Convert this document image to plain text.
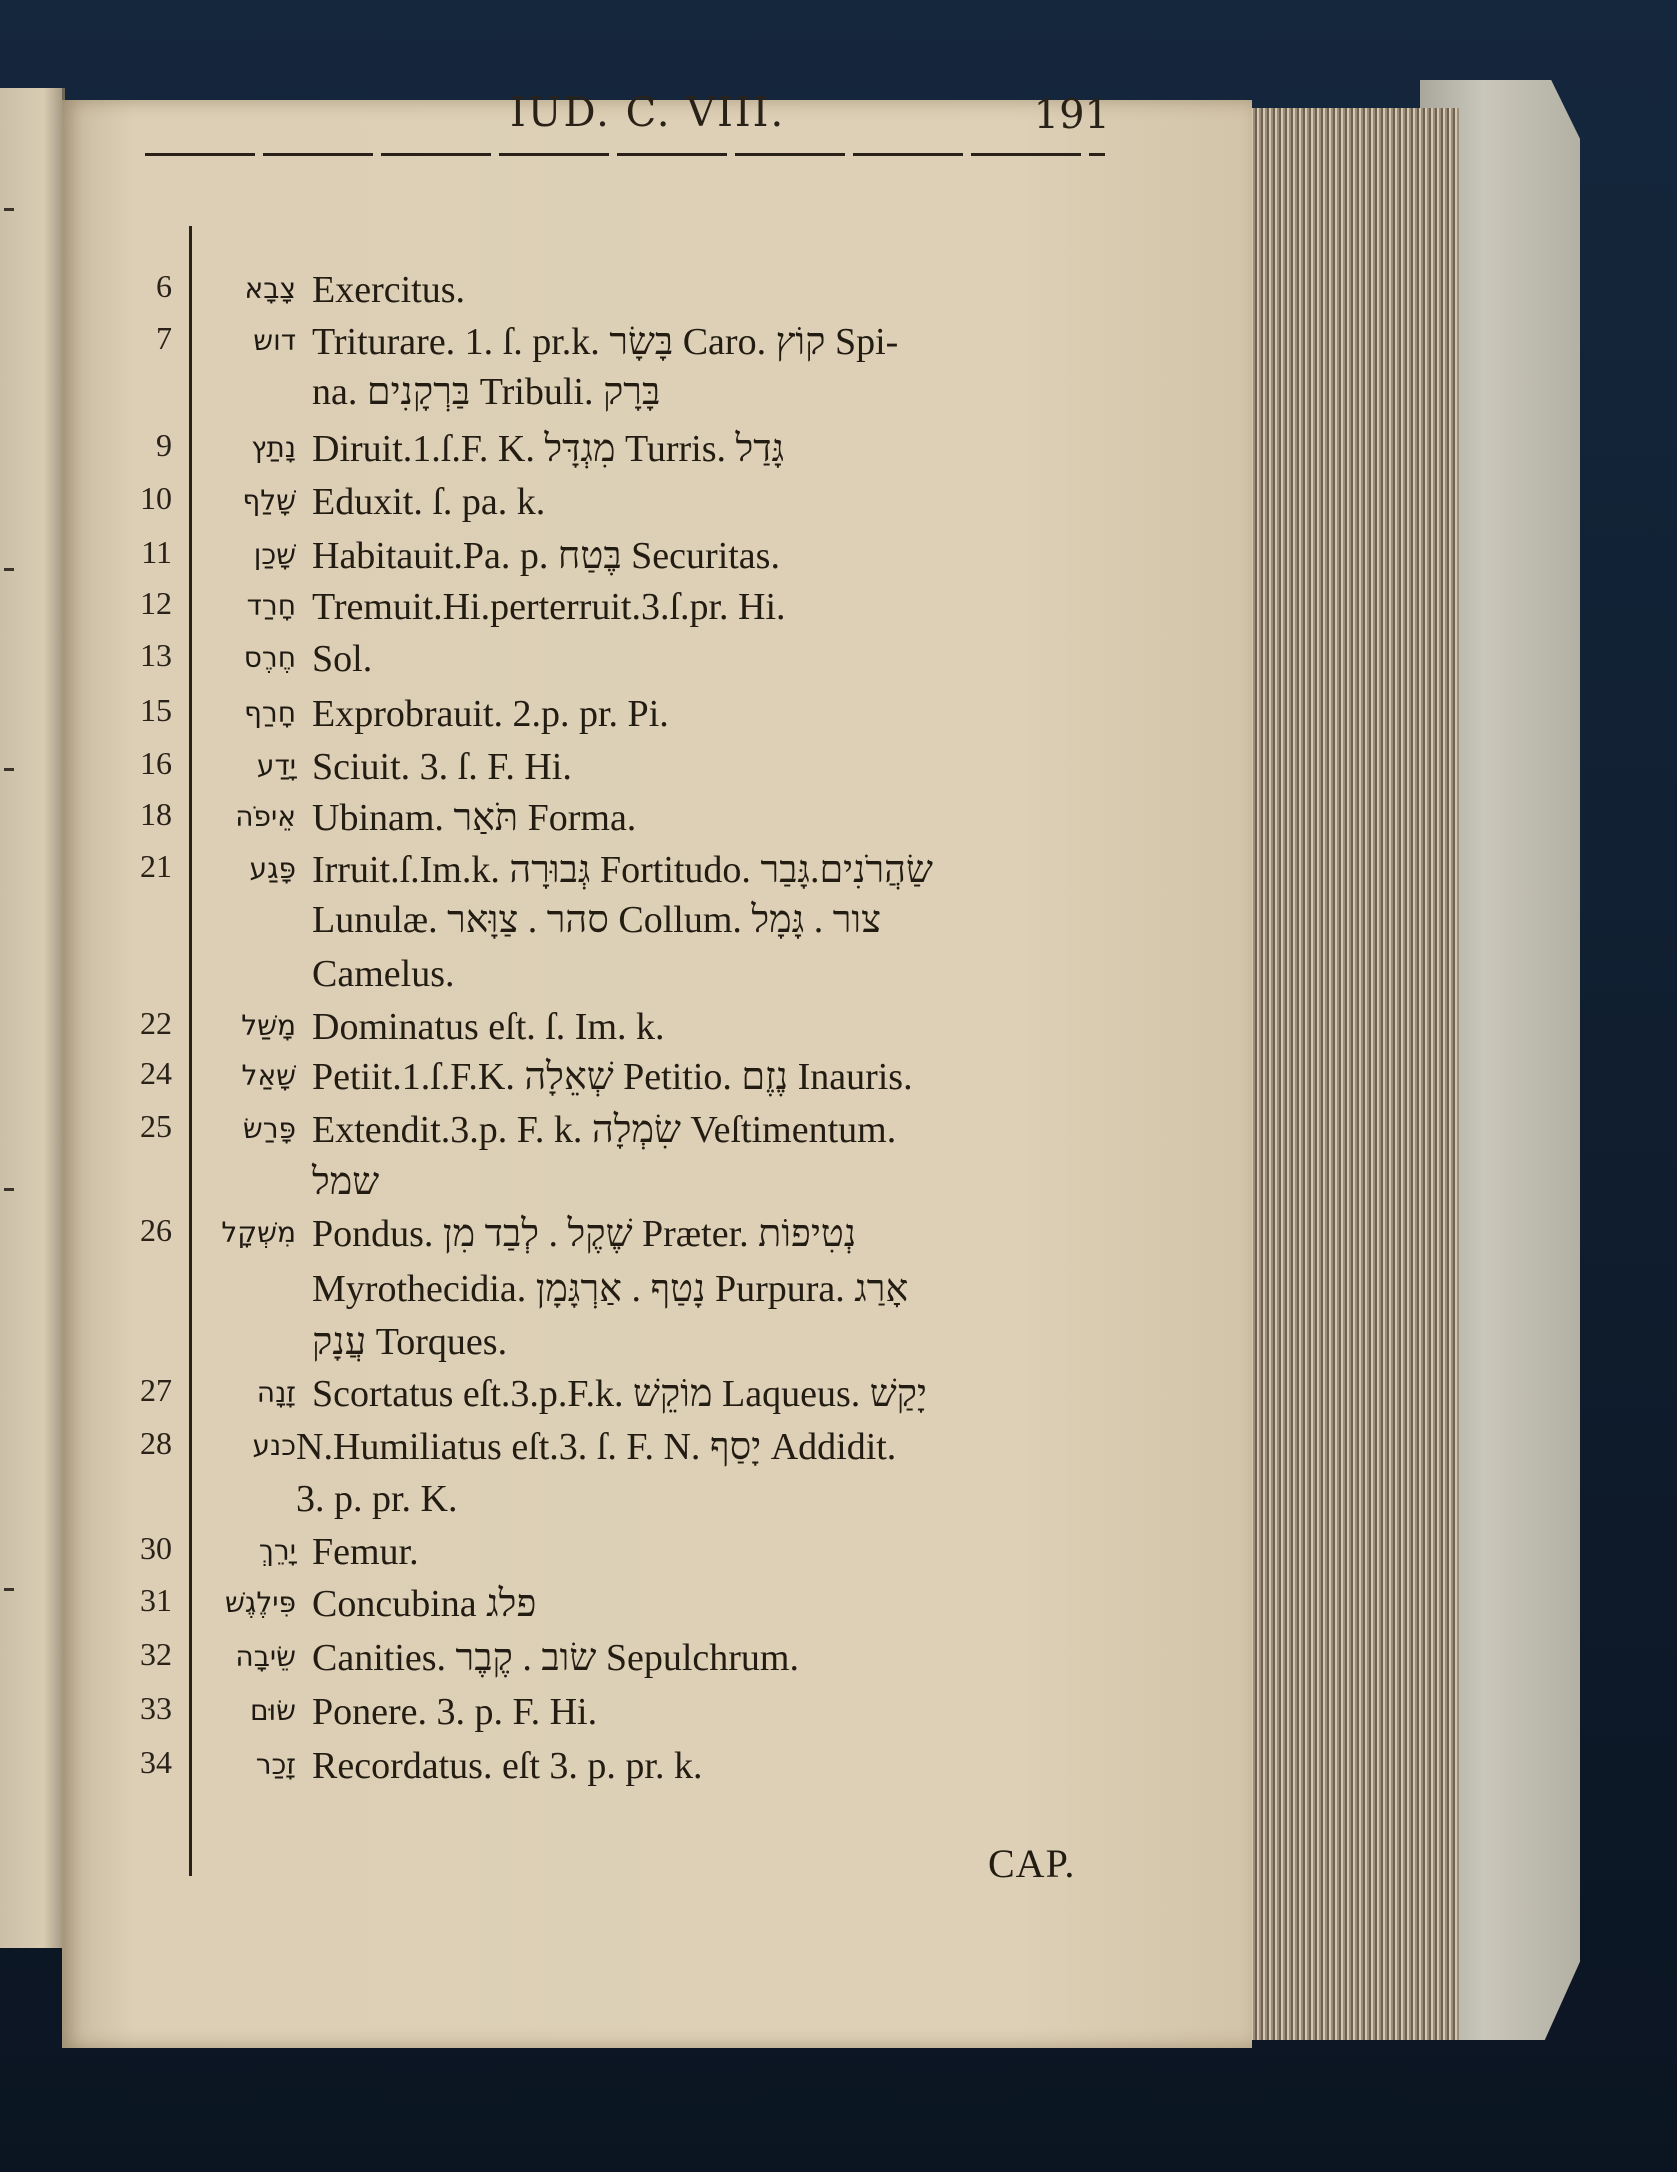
IUD. C. VIII.	191
6	צָבָא Exercitus.
7	דוש Triturare. 1. ſ. pr.k. בָּשָׂר Caro. קוֹץ Spi-
na. בַּרְקָנִים Tribuli. בָּרָק
9	נָתַץ Diruit.1.ſ.F. K. מִגְדָּל Turris. גָּדַל
10	שָׁלַף Eduxit. ſ. pa. k.
11	שָׁכַן Habitauit.Pa. p. בֶּטַח Securitas.
12	חָרַד Tremuit.Hi.perterruit.3.ſ.pr. Hi.
13	חֶרֶס Sol.
15	חָרַף Exprobrauit. 2.p. pr. Pi.
16	יָדַע Sciuit. 3. ſ. F. Hi.
18	אֵיפֹה Ubinam. תֹּאַר Forma.
21	פָּגַע Irruit.ſ.Im.k. גְּבוּרָה Fortitudo. שַׂהֲרֹנִים.גָּבַר
Lunulæ. סהר . צַוָּאר Collum. צור . גָּמָל
Camelus.
22	מָשַׁל Dominatus eſt. ſ. Im. k.
24	שָׁאַל Petiit.1.ſ.F.K. שְׁאֵלָה Petitio. נֶזֶם Inauris.
25	פָּרַשׂ Extendit.3.p. F. k. שִׂמְלָה Veſtimentum.
שמל
26	מִשְׁקָל Pondus. שֶׁקֶל . לְבַד מִן Præter. נְטִיפוֹת
Myrothecidia. נָטַף . אַרְגָּמָן Purpura. אָרַג
עֲנָק Torques.
27	זָנָה Scortatus eſt.3.p.F.k. מוֹקֵשׁ Laqueus. יָקַשׁ
28	כנע N.Humiliatus eſt.3. ſ. F. N. יָסַף Addidit.
3. p. pr. K.
30	יָרֵךְ Femur.
31	פִּילֶגֶשׁ Concubina פלג
32	שֵׂיבָה Canities. שׂוב . קֶבֶר Sepulchrum.
33	שׂוּם Ponere. 3. p. F. Hi.
34	זָכַר Recordatus. eſt 3. p. pr. k.
CAP.
